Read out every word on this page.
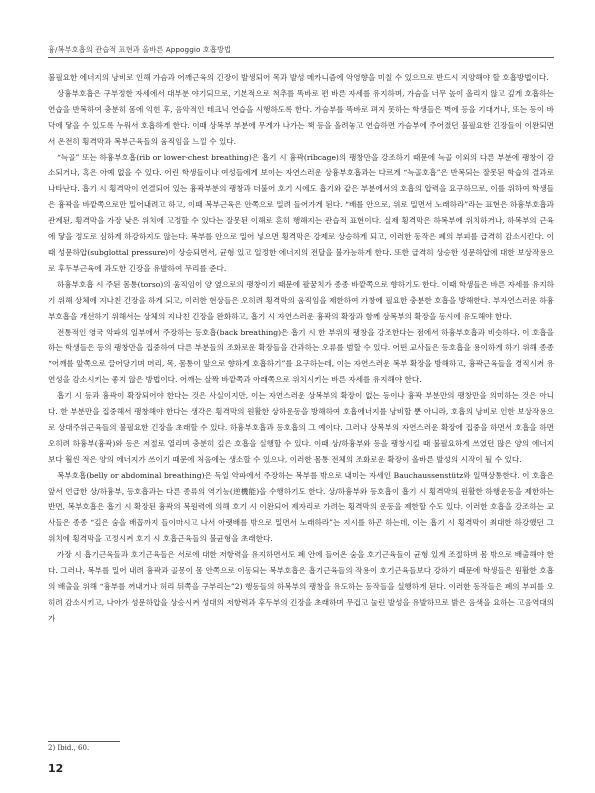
흉/복부호흡의 관습적 표현과 올바른 Appoggio 호흡방법

불필요한 에너지의 낭비로 인해 가슴과 어깨근육의 긴장이 발생되어 목과 발성 메카니즘에 악영향을 미칠 수 있으므로 반드시 지양해야 할 호흡방법이다.

상흉부호흡은 구부정한 자세에서 대부분 야기되므로, 기본적으로 척추를 똑바로 편 바른 자세를 유지하며, 가슴을 너무 높이 올리지 않고 깊게 호흡하는 연습을 반복하여 충분히 몸에 익힌 후, 음악적인 테크닉 연습을 시행하도록 한다. 가슴부를 똑바로 펴지 못하는 학생들은 벽에 등을 기대거나, 또는 등이 바닥에 닿을 수 있도록 누워서 호흡하게 한다. 이때 상복부 부분에 무게가 나가는 책 등을 올려놓고 연습하면 가슴부에 주어졌던 불필요한 긴장들이 이완되면서 온전히 횡격막과 복부근육들의 움직임을 느낄 수 있다.

“늑골” 또는 하흉부호흡(rib or lower-chest breathing)은 흡기 시 흉곽(ribcage)의 팽창만을 강조하기 때문에 늑골 이외의 다른 부분에 팽창이 감소되거나, 혹은 아예 없을 수 있다. 어린 학생들이나 여성들에게 보이는 자연스러운 상흉부호흡과는 다르게 “늑골호흡”은 반복되는 잘못된 학습의 결과로 나타난다. 흡기 시 횡격막이 연결되어 있는 흉곽부분의 팽창과 더불어 호기 시에도 흡기와 같은 부분에서의 호흡의 압력을 요구하므로, 이를 위하여 학생들은 흉곽을 바깥쪽으로만 밀어내려고 하고, 이때 복부근육은 안쪽으로 밀려 들어가게 된다. “배를 안으로, 위로 밀면서 노래하라”라는 표현은 하흉부호흡과 관계된, 횡격막을 가장 낮은 위치에 고정할 수 있다는 잘못된 이해로 흔히 행해지는 관습적 표현이다. 실제 횡격막은 하복부에 위치하거나, 하복부의 근육에 닿을 정도로 심하게 하강하지도 않는다. 복부를 안으로 밀어 넣으면 횡격막은 강제로 상승하게 되고, 이러한 동작은 폐의 부피를 급격히 감소시킨다. 이때 성문하압(subglottal pressure)이 상승되면서, 균형 있고 일정한 에너지의 전달을 불가능하게 한다. 또한 급격히 상승한 성문하압에 대한 보상작용으로 후두부근육에 과도한 긴장을 유발하여 무리를 준다.

하흉부호흡 시 주된 몸통(torso)의 움직임이 양 옆으로의 팽창이기 때문에 팔꿈치가 종종 바깥쪽으로 향하기도 한다. 이때 학생들은 바른 자세를 유지하기 위해 상체에 지나친 긴장을 하게 되고, 이러한 현상들은 오히려 횡격막의 움직임을 제한하여 가창에 필요한 충분한 호흡을 방해한다. 부자연스러운 하흉부호흡을 개선하기 위해서는 상체의 지나친 긴장을 완화하고, 흡기 시 자연스러운 흉곽의 확장과 함께 상복부의 확장을 동시에 유도해야 한다.

전통적인 영국 악파의 일부에서 주장하는 등호흡(back breathing)은 흡기 시 한 부위의 팽창을 강조한다는 점에서 하흉부호흡과 비슷하다. 이 호흡을 하는 학생들은 등의 팽창만을 집중하여 다른 부분들의 조화로운 확장들을 간과하는 오류를 범할 수 있다. 어떤 교사들은 등호흡을 용이하게 하기 위해 종종 “어깨를 앞쪽으로 끌어당기며 머리, 목, 몸통이 앞으로 향하게 호흡하기”를 요구하는데, 이는 자연스러운 복부 확장을 방해하고, 흉곽근육들을 경직시켜 유연성을 감소시키는 좋지 않은 방법이다. 어깨는 살짝 바깥쪽과 아래쪽으로 위치시키는 바른 자세를 유지해야 한다.

흡기 시 등과 흉곽이 확장되어야 한다는 것은 사실이지만, 이는 자연스러운 상복부의 확장이 없는 등이나 흉곽 부분만의 팽창만을 의미하는 것은 아니다. 한 부분만을 집중해서 팽창해야 한다는 생각은 횡격막의 원활한 상하운동을 방해하여 호흡에너지를 낭비할 뿐 아니라, 호흡의 낭비로 인한 보상작용으로 상대주위근육들의 불필요한 긴장을 초래할 수 있다. 하흉부호흡과 등호흡의 그 예이다. 그러나 상복부의 자연스러운 확장에 집중을 하면서 호흡을 하면 오히려 하흉부(흉곽)와 등은 저절로 열리며 충분히 깊은 호흡을 실행할 수 있다. 이때 상/하흉부와 등을 팽창시킬 때 불필요하게 쓰였던 많은 양의 에너지보다 훨씬 적은 양의 에너지가 쓰이기 때문에 처음에는 생소할 수 있으나, 이러한 몸통 전체의 조화로운 확장이 올바른 발성의 시작이 될 수 있다.

복부호흡(belly or abdominal breathing)은 독일 악파에서 주장하는 복부를 밖으로 내미는 자세인 Bauchaussenstütz와 일맥상통한다. 이 호흡은 앞서 언급한 상/하흉부, 등호흡과는 다른 종류의 역기능(逆機能)을 수행하기도 한다. 상/하흉부와 등호흡이 흡기 시 횡격막의 원활한 하행운동을 제한하는 반면, 복부호흡은 흡기 시 확장된 흉곽의 복원력에 의해 호기 시 이완되어 제자리로 가려는 횡격막의 운동을 제한할 수도 있다. 이러한 호흡을 강조하는 교사들은 종종 “깊은 숨을 배꼽까지 들이마시고 나서 아랫배를 밖으로 밀면서 노래하라”는 지시를 하곤 하는데, 이는 흡기 시 횡격막이 최대한 하강했던 그 위치에 횡격막을 고정시켜 호기 시 호흡근육들의 불균형을 초래한다.

가장 시 흡기근육들과 호기근육들은 서로에 대한 저항력을 유지하면서도 폐 안에 들어온 숨을 호기근육들이 균형 있게 조절하며 몸 밖으로 배출해야 한다. 그러나, 복부를 밀어 내려 흉곽과 골몽이 몸 안쪽으로 이동되는 복부호흡은 흡기근육들의 작용이 호기근육들보다 강하기 때문에 학생들은 원활한 호흡의 배출을 위해 “흉부를 꺼내거나 허리 뒤쪽을 구부리는”2) 행동들의 하복부의 팽창을 유도하는 동작들을 실행하게 된다. 이러한 동작들은 폐의 부피를 오히려 감소시키고, 나아가 성문하압을 상승시켜 성대의 저항력과 후두부의 긴장을 초래하며 무겁고 눌린 발성을 유발하므로 밝은 음색을 요하는 고음역대의 가

2) Ibid., 60.
12
